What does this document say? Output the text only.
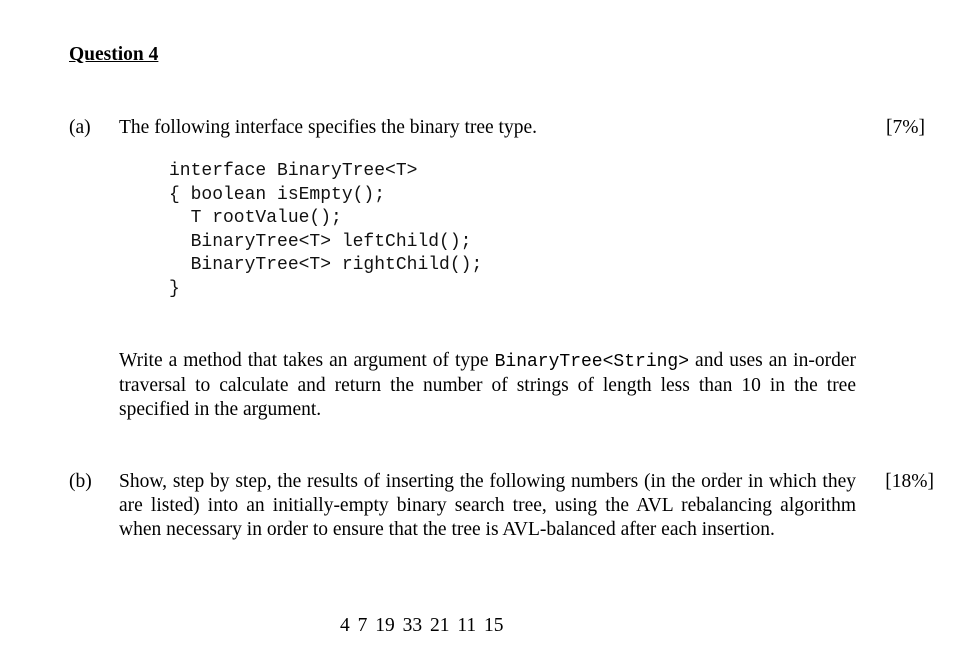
Question 4
(a) The following interface specifies the binary tree type.	[7%]
interface BinaryTree<T>
{ boolean isEmpty();
T rootValue();
BinaryTree<T> leftChild();
BinaryTree<T> rightChild();
}
Write a method that takes an argument of type BinaryTree<String> and uses an in-order traversal to calculate and return the number of strings of length less than 10 in the tree specified in the argument.
(b) Show, step by step, the results of inserting the following numbers (in the order in which they are listed) into an initially-empty binary search tree, using the AVL rebalancing algorithm when necessary in order to ensure that the tree is AVL-balanced after each insertion.
[18%]
4 7 19 33 21 11 15
